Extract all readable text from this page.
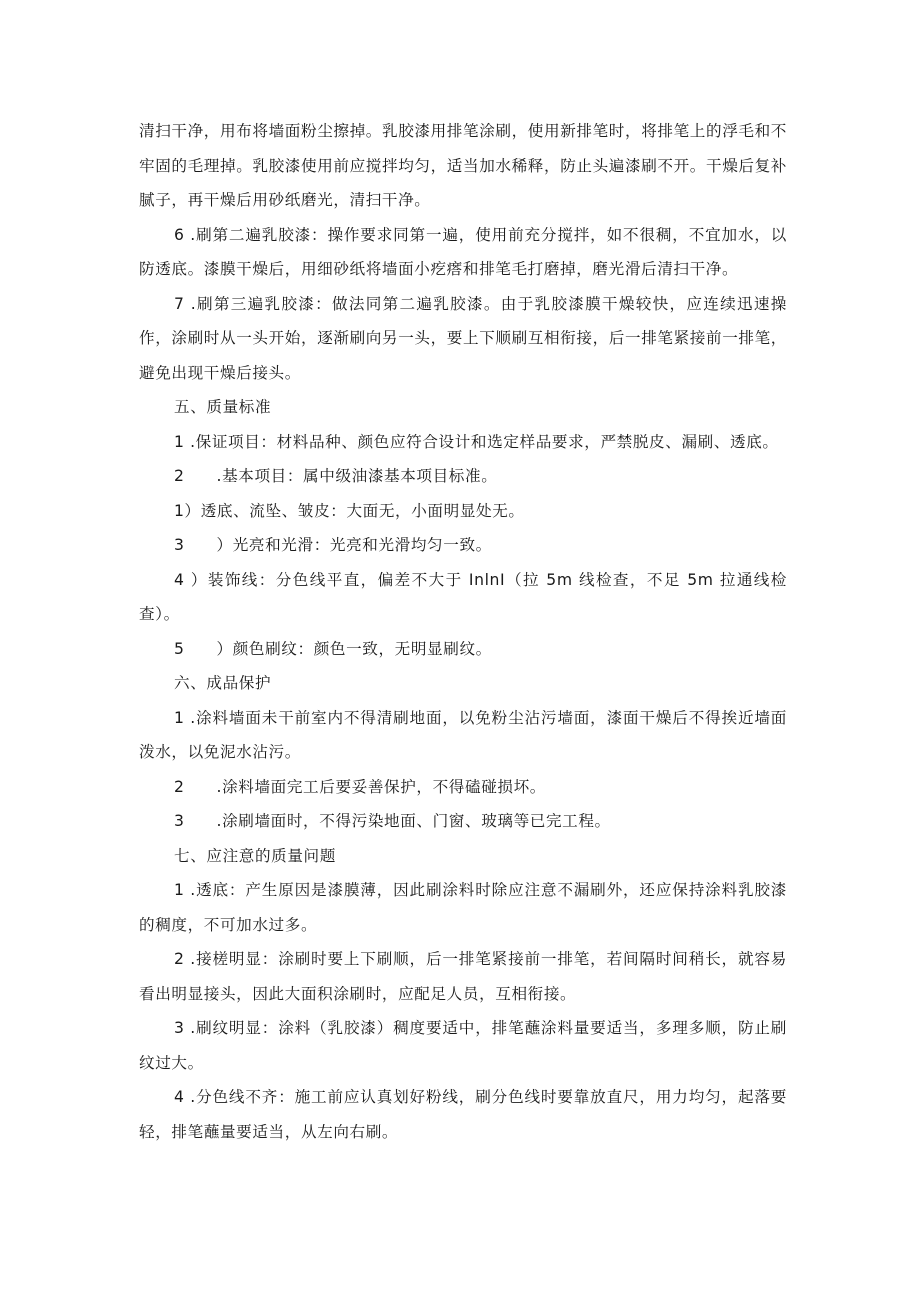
清扫干净，用布将墙面粉尘擦掉。乳胶漆用排笔涂刷，使用新排笔时，将排笔上的浮毛和不牢固的毛理掉。乳胶漆使用前应搅拌均匀，适当加水稀释，防止头遍漆刷不开。干燥后复补腻子，再干燥后用砂纸磨光，清扫干净。

6 .刷第二遍乳胶漆：操作要求同第一遍，使用前充分搅拌，如不很稠，不宜加水，以防透底。漆膜干燥后，用细砂纸将墙面小疙瘩和排笔毛打磨掉，磨光滑后清扫干净。

7 .刷第三遍乳胶漆：做法同第二遍乳胶漆。由于乳胶漆膜干燥较快，应连续迅速操作，涂刷时从一头开始，逐渐刷向另一头，要上下顺刷互相衔接，后一排笔紧接前一排笔，避免出现干燥后接头。

五、质量标准

1 .保证项目：材料品种、颜色应符合设计和选定样品要求，严禁脱皮、漏刷、透底。

2 .基本项目：属中级油漆基本项目标准。

1）透底、流坠、皱皮：大面无，小面明显处无。

3 ）光亮和光滑：光亮和光滑均匀一致。

4 ）装饰线：分色线平直，偏差不大于 InlnI（拉 5m 线检查，不足 5m 拉通线检查）。

5 ）颜色刷纹：颜色一致，无明显刷纹。

六、成品保护

1 .涂料墙面未干前室内不得清刷地面，以免粉尘沾污墙面，漆面干燥后不得挨近墙面泼水，以免泥水沾污。

2 .涂料墙面完工后要妥善保护，不得磕碰损坏。

3 .涂刷墙面时，不得污染地面、门窗、玻璃等已完工程。

七、应注意的质量问题

1 .透底：产生原因是漆膜薄，因此刷涂料时除应注意不漏刷外，还应保持涂料乳胶漆的稠度，不可加水过多。

2 .接槎明显：涂刷时要上下刷顺，后一排笔紧接前一排笔，若间隔时间稍长，就容易看出明显接头，因此大面积涂刷时，应配足人员，互相衔接。

3 .刷纹明显：涂料（乳胶漆）稠度要适中，排笔蘸涂料量要适当，多理多顺，防止刷纹过大。

4 .分色线不齐：施工前应认真划好粉线，刷分色线时要靠放直尺，用力均匀，起落要轻，排笔蘸量要适当，从左向右刷。
